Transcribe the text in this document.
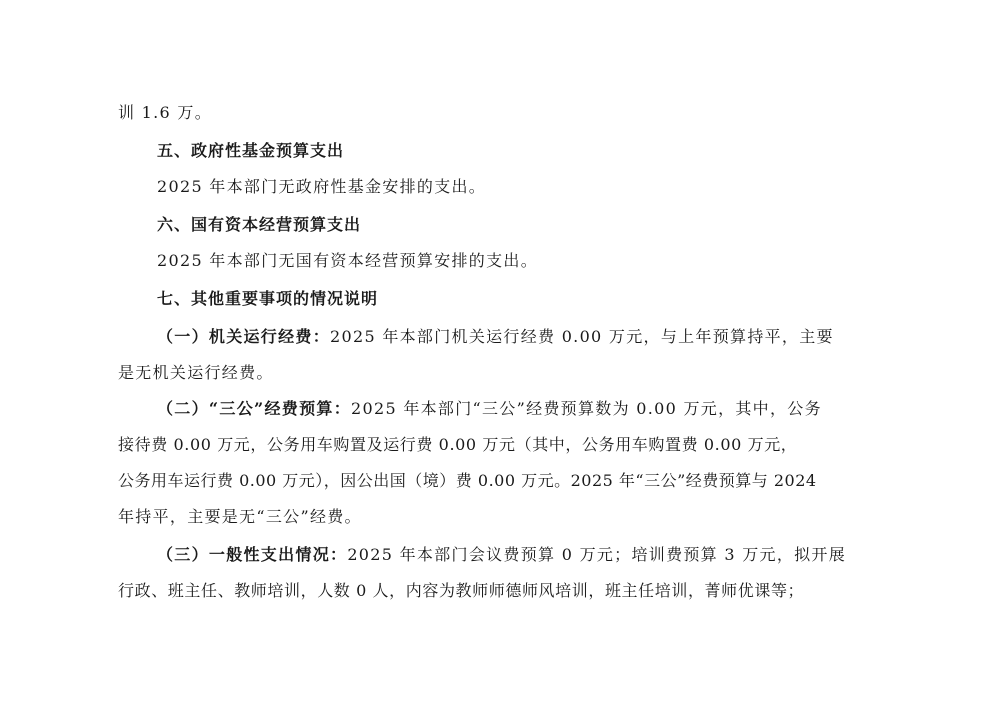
训 1.6 万。
五、政府性基金预算支出
2025 年本部门无政府性基金安排的支出。
六、国有资本经营预算支出
2025 年本部门无国有资本经营预算安排的支出。
七、其他重要事项的情况说明
（一）机关运行经费：2025 年本部门机关运行经费 0.00 万元，与上年预算持平，主要
是无机关运行经费。
（二）“三公”经费预算：2025 年本部门“三公”经费预算数为 0.00 万元，其中，公务
接待费 0.00 万元，公务用车购置及运行费 0.00 万元（其中，公务用车购置费 0.00 万元，
公务用车运行费 0.00 万元），因公出国（境）费 0.00 万元。2025 年“三公”经费预算与 2024
年持平，主要是无“三公”经费。
（三）一般性支出情况：2025 年本部门会议费预算 0 万元；培训费预算 3 万元，拟开展
行政、班主任、教师培训，人数 0 人，内容为教师师德师风培训，班主任培训，菁师优课等；
